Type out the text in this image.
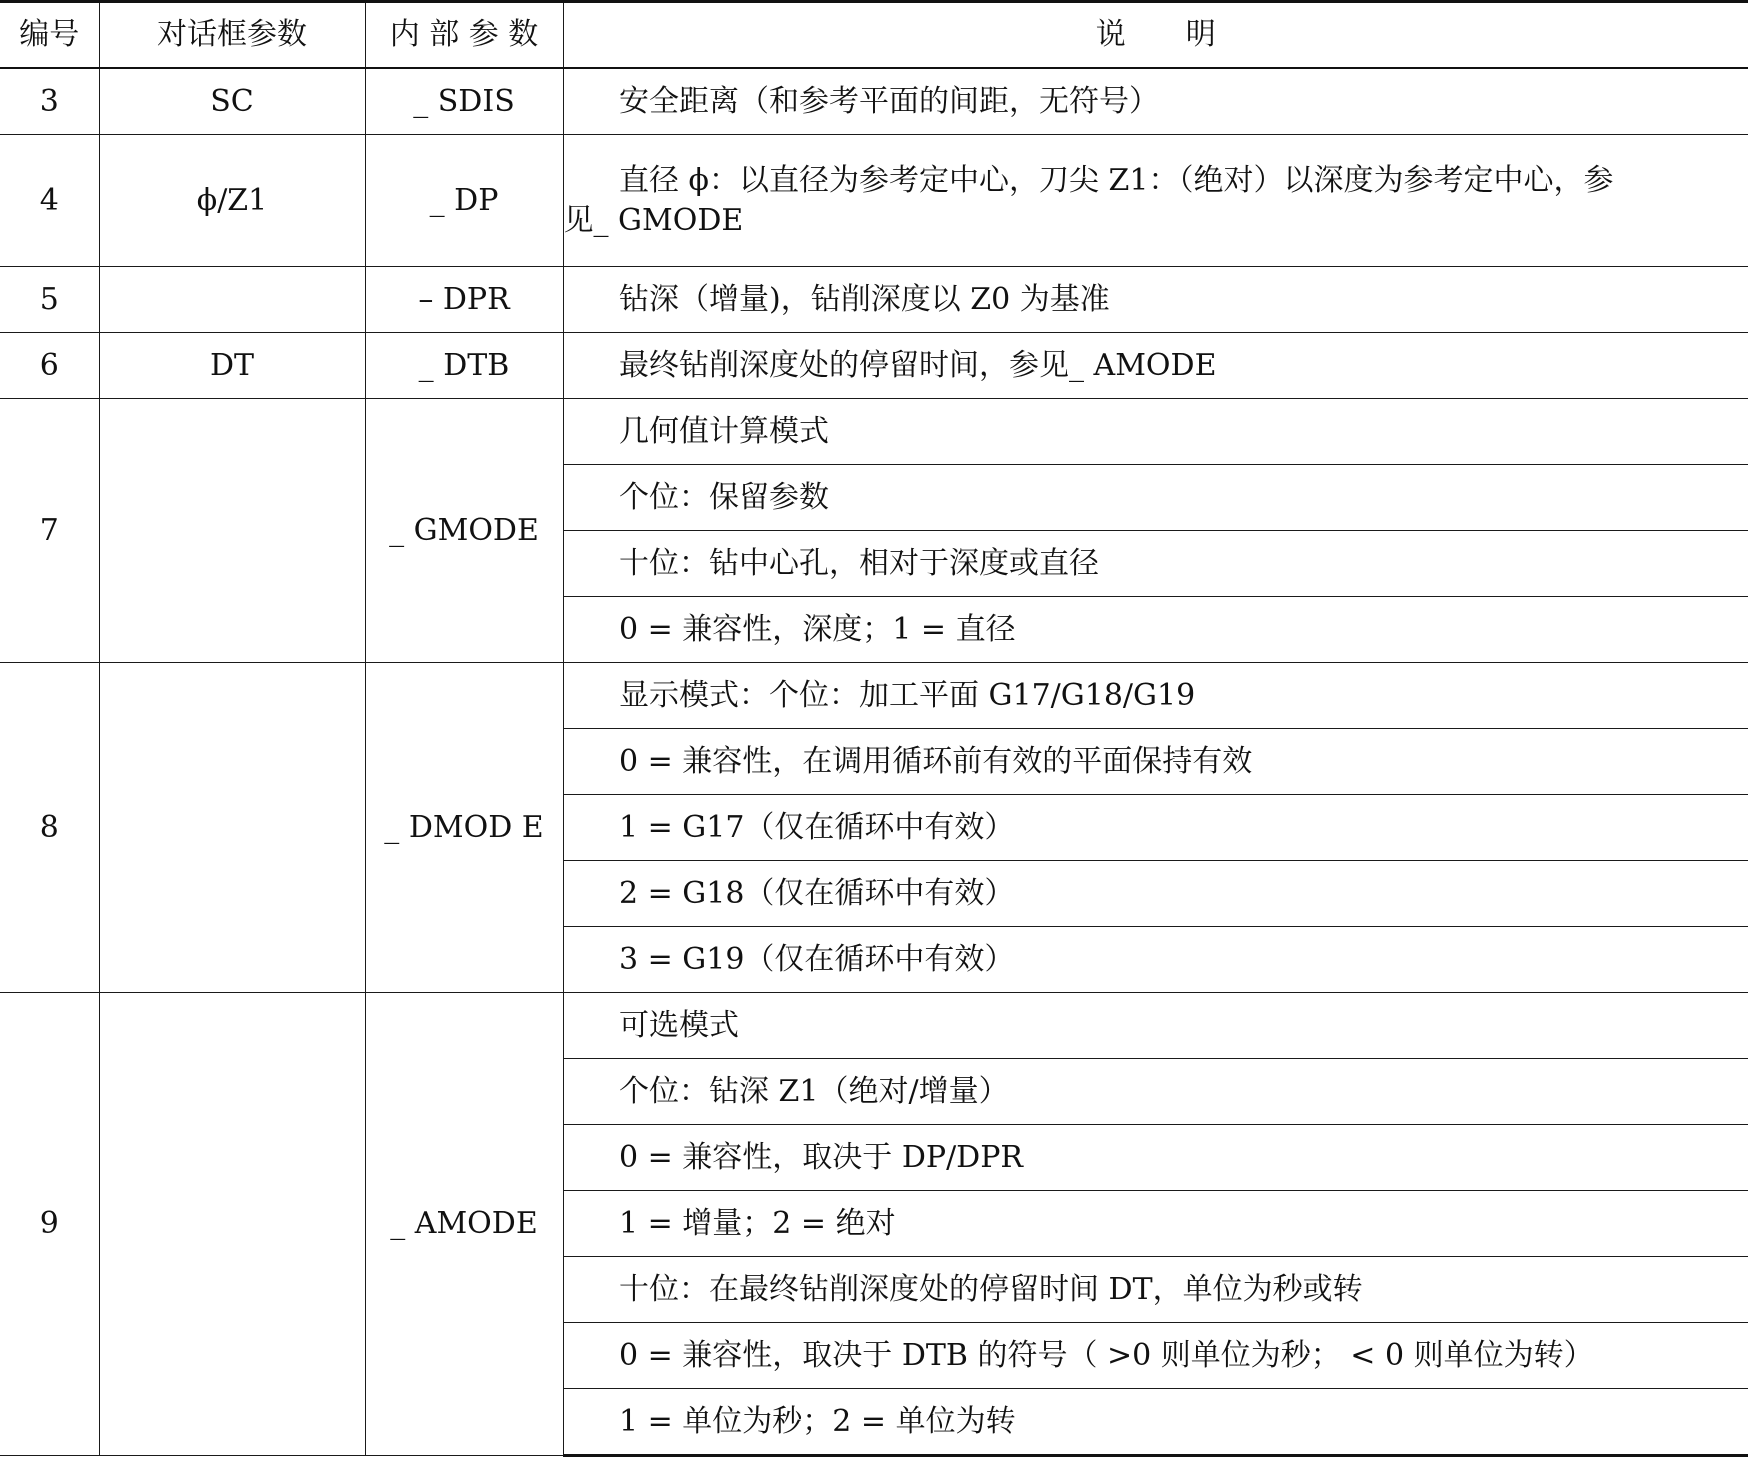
编号	对话框参数	内 部 参 数	说　　明
3	SC	_ SDIS	安全距离（和参考平面的间距，无符号）

4	ϕ/Z1	_ DP	直径 ϕ：以直径为参考定中心，刀尖 Z1：（绝对）以深度为参考定中心，参
见_ GMODE

5		– DPR	钻深（增量)，钻削深度以 Z0 为基准

6	DT	_ DTB	最终钻削深度处的停留时间，参见_ AMODE

7		_ GMODE	几何值计算模式

			个位：保留参数

			十位：钻中心孔，相对于深度或直径

			0 = 兼容性，深度；1 = 直径

8		_ DMOD E	显示模式：个位：加工平面 G17/G18/G19

			0 = 兼容性，在调用循环前有效的平面保持有效

			1 = G17（仅在循环中有效）

			2 = G18（仅在循环中有效）

			3 = G19（仅在循环中有效）

9		_ AMODE	可选模式

			个位：钻深 Z1（绝对/增量）

			0 = 兼容性，取决于 DP/DPR

			1 = 增量；2 = 绝对

			十位：在最终钻削深度处的停留时间 DT，单位为秒或转

			0 = 兼容性，取决于 DTB 的符号（ >0 则单位为秒； < 0 则单位为转）

			1 = 单位为秒；2 = 单位为转
